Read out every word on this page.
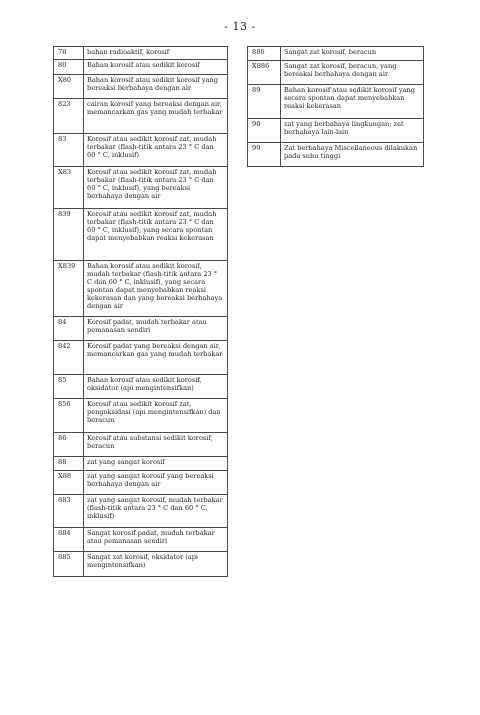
- 13 -
78	bahan radioaktif, korosif
80	Bahan korosif atau sedikit korosif
X80	Bahan korosif atau sedikit korosif yang bereaksi berbahaya dengan air
823	cairan korosif yang bereaksi dengan air, memancarkan gas yang mudah terbakar
83	Korosif atau sedikit korosif zat, mudah terbakar (flash-titik antara 23 ° C dan 60 ° C, inklusif)
X83	Korosif atau sedikit korosif zat, mudah terbakar (flash-titik antara 23 ° C dan 60 ° C, inklusif), yang bereaksi berbahaya dengan air
839	Korosif atau sedikit korosif zat, mudah terbakar (flash-titik antara 23 ° C dan 60 ° C, inklusif), yang secara spontan dapat menyebabkan reaksi kekerasan
X839	Bahan korosif atau sedikit korosif, mudah terbakar (flash-titik antara 23 ° C dan 60 ° C, inklusif), yang secara spontan dapat menyebabkan reaksi kekerasan dan yang bereaksi berbahaya dengan air
84	Korosif padat, mudah terbakar atau pemanasan sendiri
842	Korosif padat yang bereaksi dengan air, memancarkan gas yang mudah terbakar
85	Bahan korosif atau sedikit korosif, oksidator (api mengintensifkan)
856	Korosif atau sedikit korosif zat, pengoksidasi (api mengintensifkan) dan beracun
86	Korosif atau substansi sedikit korosif, beracun
88	zat yang sangat korosif
X88	zat yang sangat korosif yang bereaksi berbahaya dengan air
883	zat yang sangat korosif, mudah terbakar (flash-titik antara 23 ° C dan 60 ° C, inklusif)
884	Sangat korosif padat, mudah terbakar atau pemanasan sendiri
885	Sangat zat korosif, oksidator (api mengintensifkan)
886	Sangat zat korosif, beracun
X886	Sangat zat korosif, beracun, yang bereaksi berbahaya dengan air
89	Bahan korosif atau sedikit korosif yang secara spontan dapat menyebabkan reaksi kekerasan
90	zat yang berbahaya lingkungan; zat berbahaya lain-lain
99	Zat berbahaya Miscellaneous dilakukan pada suhu tinggi
